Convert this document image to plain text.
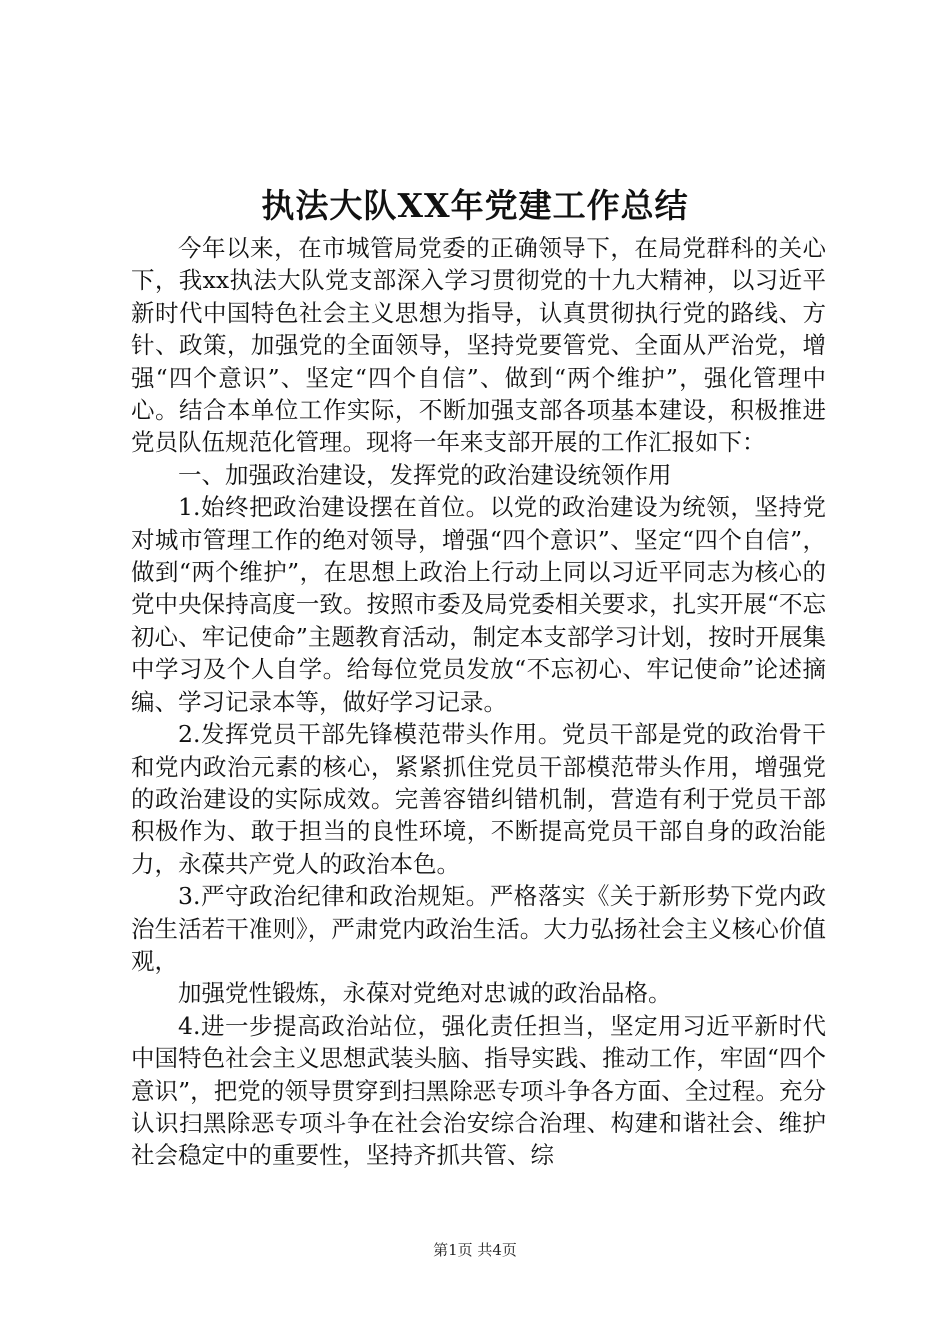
执法大队XX年党建工作总结

今年以来，在市城管局党委的正确领导下，在局党群科的关心下，我xx执法大队党支部深入学习贯彻党的十九大精神，以习近平新时代中国特色社会主义思想为指导，认真贯彻执行党的路线、方针、政策，加强党的全面领导，坚持党要管党、全面从严治党，增强“四个意识”、坚定“四个自信”、做到“两个维护”，强化管理中心。结合本单位工作实际，不断加强支部各项基本建设，积极推进党员队伍规范化管理。现将一年来支部开展的工作汇报如下：

一、加强政治建设，发挥党的政治建设统领作用

1.始终把政治建设摆在首位。以党的政治建设为统领，坚持党对城市管理工作的绝对领导，增强“四个意识”、坚定“四个自信”，做到“两个维护”，在思想上政治上行动上同以习近平同志为核心的党中央保持高度一致。按照市委及局党委相关要求，扎实开展“不忘初心、牢记使命”主题教育活动，制定本支部学习计划，按时开展集中学习及个人自学。给每位党员发放“不忘初心、牢记使命”论述摘编、学习记录本等，做好学习记录。

2.发挥党员干部先锋模范带头作用。党员干部是党的政治骨干和党内政治元素的核心，紧紧抓住党员干部模范带头作用，增强党的政治建设的实际成效。完善容错纠错机制，营造有利于党员干部积极作为、敢于担当的良性环境，不断提高党员干部自身的政治能力，永葆共产党人的政治本色。

3.严守政治纪律和政治规矩。严格落实《关于新形势下党内政治生活若干准则》，严肃党内政治生活。大力弘扬社会主义核心价值观，

加强党性锻炼，永葆对党绝对忠诚的政治品格。

4.进一步提高政治站位，强化责任担当，坚定用习近平新时代中国特色社会主义思想武装头脑、指导实践、推动工作，牢固“四个意识”，把党的领导贯穿到扫黑除恶专项斗争各方面、全过程。充分认识扫黑除恶专项斗争在社会治安综合治理、构建和谐社会、维护社会稳定中的重要性，坚持齐抓共管、综

第1页 共4页
